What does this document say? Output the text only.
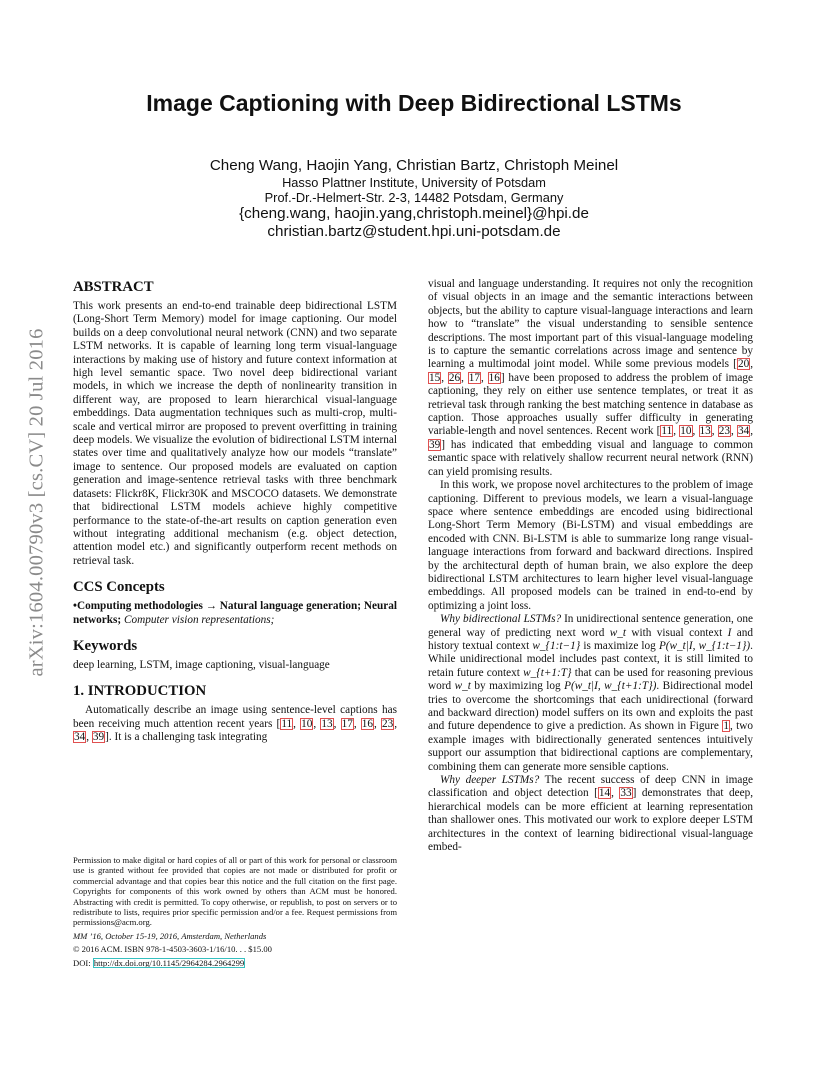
arXiv:1604.00790v3 [cs.CV] 20 Jul 2016
Image Captioning with Deep Bidirectional LSTMs
Cheng Wang, Haojin Yang, Christian Bartz, Christoph Meinel
Hasso Plattner Institute, University of Potsdam
Prof.-Dr.-Helmert-Str. 2-3, 14482 Potsdam, Germany
{cheng.wang, haojin.yang,christoph.meinel}@hpi.de
christian.bartz@student.hpi.uni-potsdam.de
ABSTRACT

This work presents an end-to-end trainable deep bidirectional LSTM (Long-Short Term Memory) model for image captioning. Our model builds on a deep convolutional neural network (CNN) and two separate LSTM networks. It is capable of learning long term visual-language interactions by making use of history and future context information at high level semantic space. Two novel deep bidirectional variant models, in which we increase the depth of nonlinearity transition in different way, are proposed to learn hierarchical visual-language embeddings. Data augmentation techniques such as multi-crop, multi-scale and vertical mirror are proposed to prevent overfitting in training deep models. We visualize the evolution of bidirectional LSTM internal states over time and qualitatively analyze how our models “translate” image to sentence. Our proposed models are evaluated on caption generation and image-sentence retrieval tasks with three benchmark datasets: Flickr8K, Flickr30K and MSCOCO datasets. We demonstrate that bidirectional LSTM models achieve highly competitive performance to the state-of-the-art results on caption generation even without integrating additional mechanism (e.g. object detection, attention model etc.) and significantly outperform recent methods on retrieval task.

CCS Concepts

•Computing methodologies → Natural language generation; Neural networks; Computer vision representations;

Keywords

deep learning, LSTM, image captioning, visual-language

1. INTRODUCTION

Automatically describe an image using sentence-level captions has been receiving much attention recent years [11, 10, 13, 17, 16, 23, 34, 39]. It is a challenging task integrating

Permission to make digital or hard copies of all or part of this work for personal or classroom use is granted without fee provided that copies are not made or distributed for profit or commercial advantage and that copies bear this notice and the full citation on the first page. Copyrights for components of this work owned by others than ACM must be honored. Abstracting with credit is permitted. To copy otherwise, or republish, to post on servers or to redistribute to lists, requires prior specific permission and/or a fee. Request permissions from permissions@acm.org.

MM ’16, October 15-19, 2016, Amsterdam, Netherlands

© 2016 ACM. ISBN 978-1-4503-3603-1/16/10. . . $15.00

DOI: http://dx.doi.org/10.1145/2964284.2964299

visual and language understanding. It requires not only the recognition of visual objects in an image and the semantic interactions between objects, but the ability to capture visual-language interactions and learn how to “translate” the visual understanding to sensible sentence descriptions. The most important part of this visual-language modeling is to capture the semantic correlations across image and sentence by learning a multimodal joint model. While some previous models [20, 15, 26, 17, 16] have been proposed to address the problem of image captioning, they rely on either use sentence templates, or treat it as retrieval task through ranking the best matching sentence in database as caption. Those approaches usually suffer difficulty in generating variable-length and novel sentences. Recent work [11, 10, 13, 23, 34, 39] has indicated that embedding visual and language to common semantic space with relatively shallow recurrent neural network (RNN) can yield promising results.

In this work, we propose novel architectures to the problem of image captioning. Different to previous models, we learn a visual-language space where sentence embeddings are encoded using bidirectional Long-Short Term Memory (Bi-LSTM) and visual embeddings are encoded with CNN. Bi-LSTM is able to summarize long range visual-language interactions from forward and backward directions. Inspired by the architectural depth of human brain, we also explore the deep bidirectional LSTM architectures to learn higher level visual-language embeddings. All proposed models can be trained in end-to-end by optimizing a joint loss.

Why bidirectional LSTMs? In unidirectional sentence generation, one general way of predicting next word w_t with visual context I and history textual context w_{1:t−1} is maximize log P(w_t|I, w_{1:t−1}). While unidirectional model includes past context, it is still limited to retain future context w_{t+1:T} that can be used for reasoning previous word w_t by maximizing log P(w_t|I, w_{t+1:T}). Bidirectional model tries to overcome the shortcomings that each unidirectional (forward and backward direction) model suffers on its own and exploits the past and future dependence to give a prediction. As shown in Figure 1, two example images with bidirectionally generated sentences intuitively support our assumption that bidirectional captions are complementary, combining them can generate more sensible captions.

Why deeper LSTMs? The recent success of deep CNN in image classification and object detection [14, 33] demonstrates that deep, hierarchical models can be more efficient at learning representation than shallower ones. This motivated our work to explore deeper LSTM architectures in the context of learning bidirectional visual-language embed-
